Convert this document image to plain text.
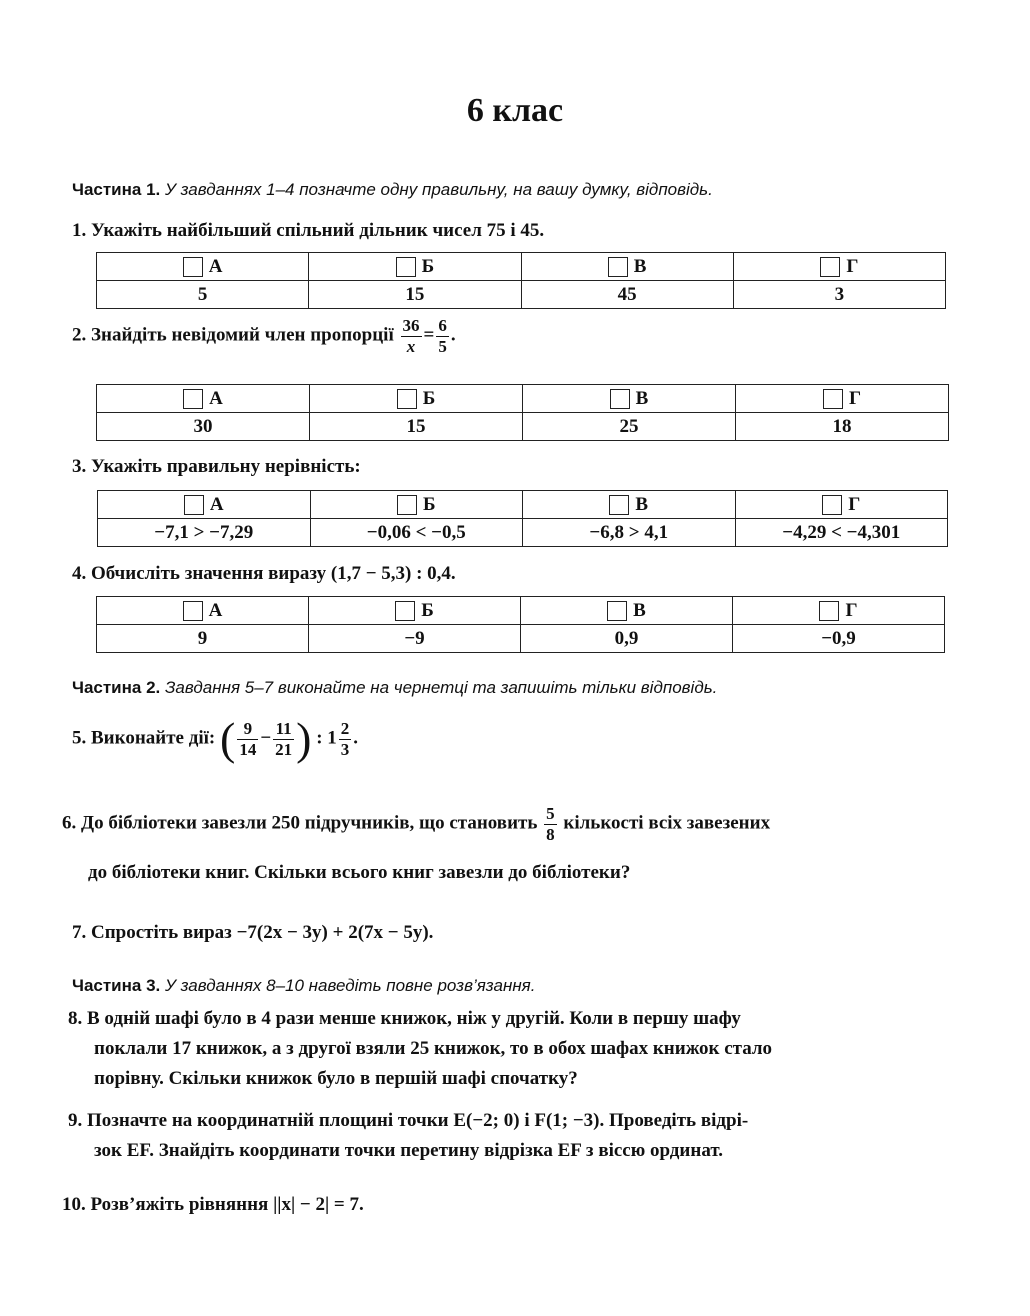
6 клас
Частина 1. У завданнях 1–4 позначте одну правильну, на вашу думку, відповідь.
1. Укажіть найбільший спільний дільник чисел 75 і 45.
А	Б	В	Г
5	15	45	3
2. Знайдіть невідомий член пропорції $\frac{36}{x} = \frac{6}{5}$ .
А	Б	В	Г
30	15	25	18
3. Укажіть правильну нерівність:
А	Б	В	Г
−7,1 > −7,29	−0,06 < −0,5	−6,8 > 4,1	−4,29 < −4,301
4. Обчисліть значення виразу (1,7 − 5,3) : 0,4.
А	Б	В	Г
9	−9	0,9	−0,9
Частина 2. Завдання 5–7 виконайте на чернетці та запишіть тільки відповідь.
5. Виконайте дії: ( $\frac{9}{14} - \frac{11}{21}$ ) : $1 \frac{2}{3}$ .
6. До бібліотеки завезли 250 підручників, що становить $\frac{5}{8}$ кількості всіх завезених
до бібліотеки книг. Скільки всього книг завезли до бібліотеки?
7. Спростіть вираз −7(2x − 3y) + 2(7x − 5y).
Частина 3. У завданнях 8–10 наведіть повне розв’язання.
8. В одній шафі було в 4 рази менше книжок, ніж у другій. Коли в першу шафу
поклали 17 книжок, а з другої взяли 25 книжок, то в обох шафах книжок стало
порівну. Скільки книжок було в першій шафі спочатку?
9. Позначте на координатній площині точки E(−2; 0) і F(1; −3). Проведіть відрі-
зок EF. Знайдіть координати точки перетину відрізка EF з віссю ординат.
10. Розв’яжіть рівняння ||x| − 2| = 7.
